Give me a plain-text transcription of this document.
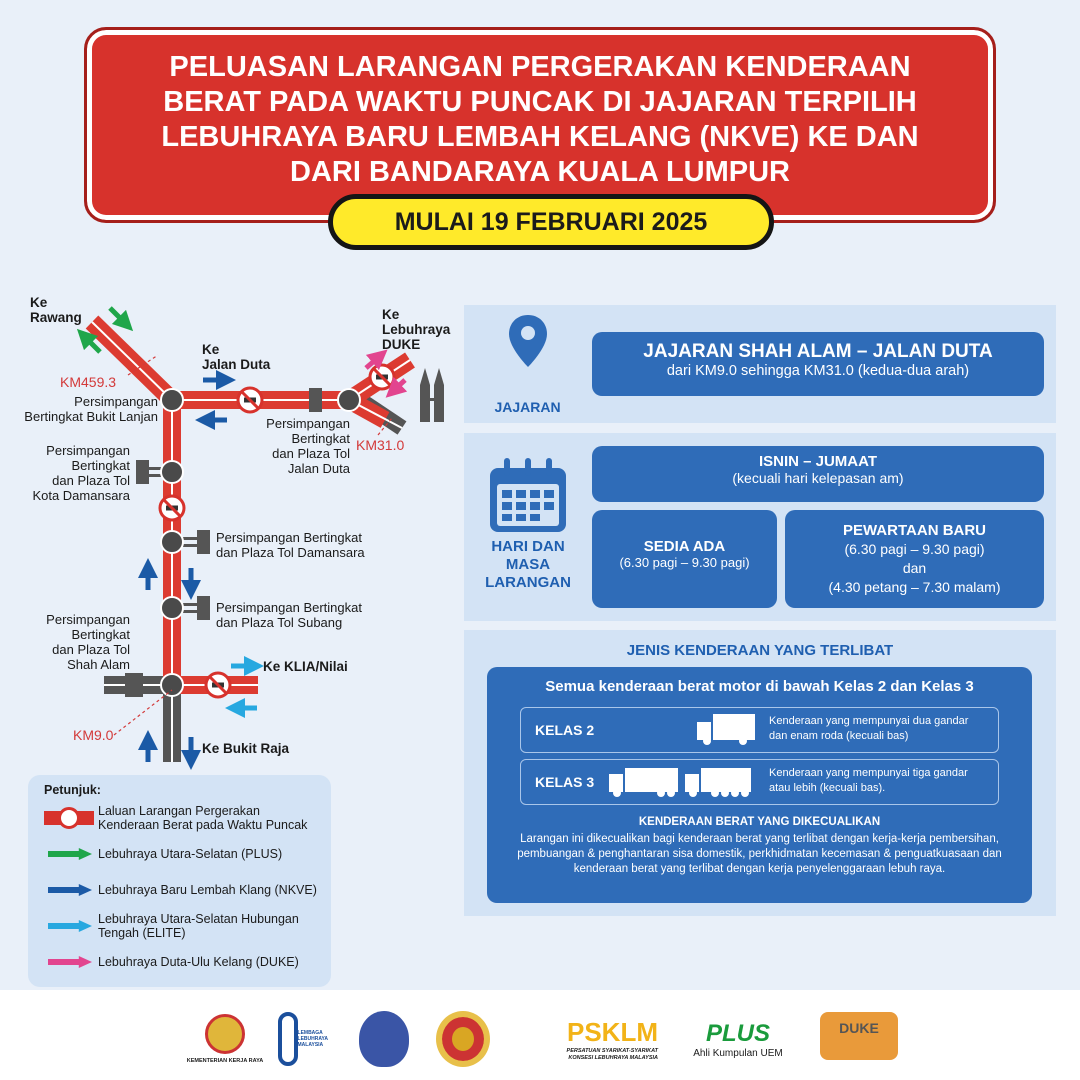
PELUASAN LARANGAN PERGERAKAN KENDERAAN
BERAT PADA WAKTU PUNCAK DI JAJARAN TERPILIH
LEBUHRAYA BARU LEMBAH KELANG (NKVE) KE DAN
DARI BANDARAYA KUALA LUMPUR
MULAI 19 FEBRUARI 2025
Ke
Rawang
Ke
Jalan Duta
Ke
Lebuhraya
DUKE
KM459.3
KM31.0
KM9.0
Persimpangan
Bertingkat Bukit Lanjan	Persimpangan
Bertingkat
dan Plaza Tol
Jalan Duta
Persimpangan
Bertingkat
dan Plaza Tol
Kota Damansara
Persimpangan Bertingkat
dan Plaza Tol Damansara
Persimpangan Bertingkat
dan Plaza Tol Subang
Persimpangan
Bertingkat
dan Plaza Tol
Shah Alam	Ke KLIA/Nilai
Ke Bukit Raja
Petunjuk:
Laluan Larangan Pergerakan Kenderaan Berat pada Waktu Puncak
Lebuhraya Utara-Selatan (PLUS)
Lebuhraya Baru Lembah Klang (NKVE)
Lebuhraya Utara-Selatan Hubungan Tengah (ELITE)
Lebuhraya Duta-Ulu Kelang (DUKE)
JAJARAN
JAJARAN SHAH ALAM – JALAN DUTA
dari KM9.0 sehingga KM31.0 (kedua-dua arah)
HARI DAN
MASA
LARANGAN
ISNIN – JUMAAT
(kecuali hari kelepasan am)
SEDIA ADA
(6.30 pagi – 9.30 pagi)
PEWARTAAN BARU
(6.30 pagi – 9.30 pagi)
dan
(4.30 petang – 7.30 malam)
JENIS KENDERAAN YANG TERLIBAT
Semua kenderaan berat motor di bawah Kelas 2 dan Kelas 3
KELAS 2
Kenderaan yang mempunyai dua gandar
dan enam roda (kecuali bas)
KELAS 3
Kenderaan yang mempunyai tiga gandar
atau lebih (kecuali bas).
KENDERAAN BERAT YANG DIKECUALIKAN
Larangan ini dikecualikan bagi kenderaan berat yang terlibat dengan kerja-kerja pembersihan, pembuangan & penghantaran sisa domestik, perkhidmatan kecemasan & penguatkuasaan dan kenderaan berat yang terlibat dengan kerja penyelenggaraan lebuh raya.
KEMENTERIAN KERJA RAYA
LEMBAGA
LEBUHRAYA
MALAYSIA	PSKLM
PERSATUAN SYARIKAT-SYARIKAT
KONSESI LEBUHRAYA MALAYSIA
PLUS
Ahli Kumpulan UEM
DUKE
